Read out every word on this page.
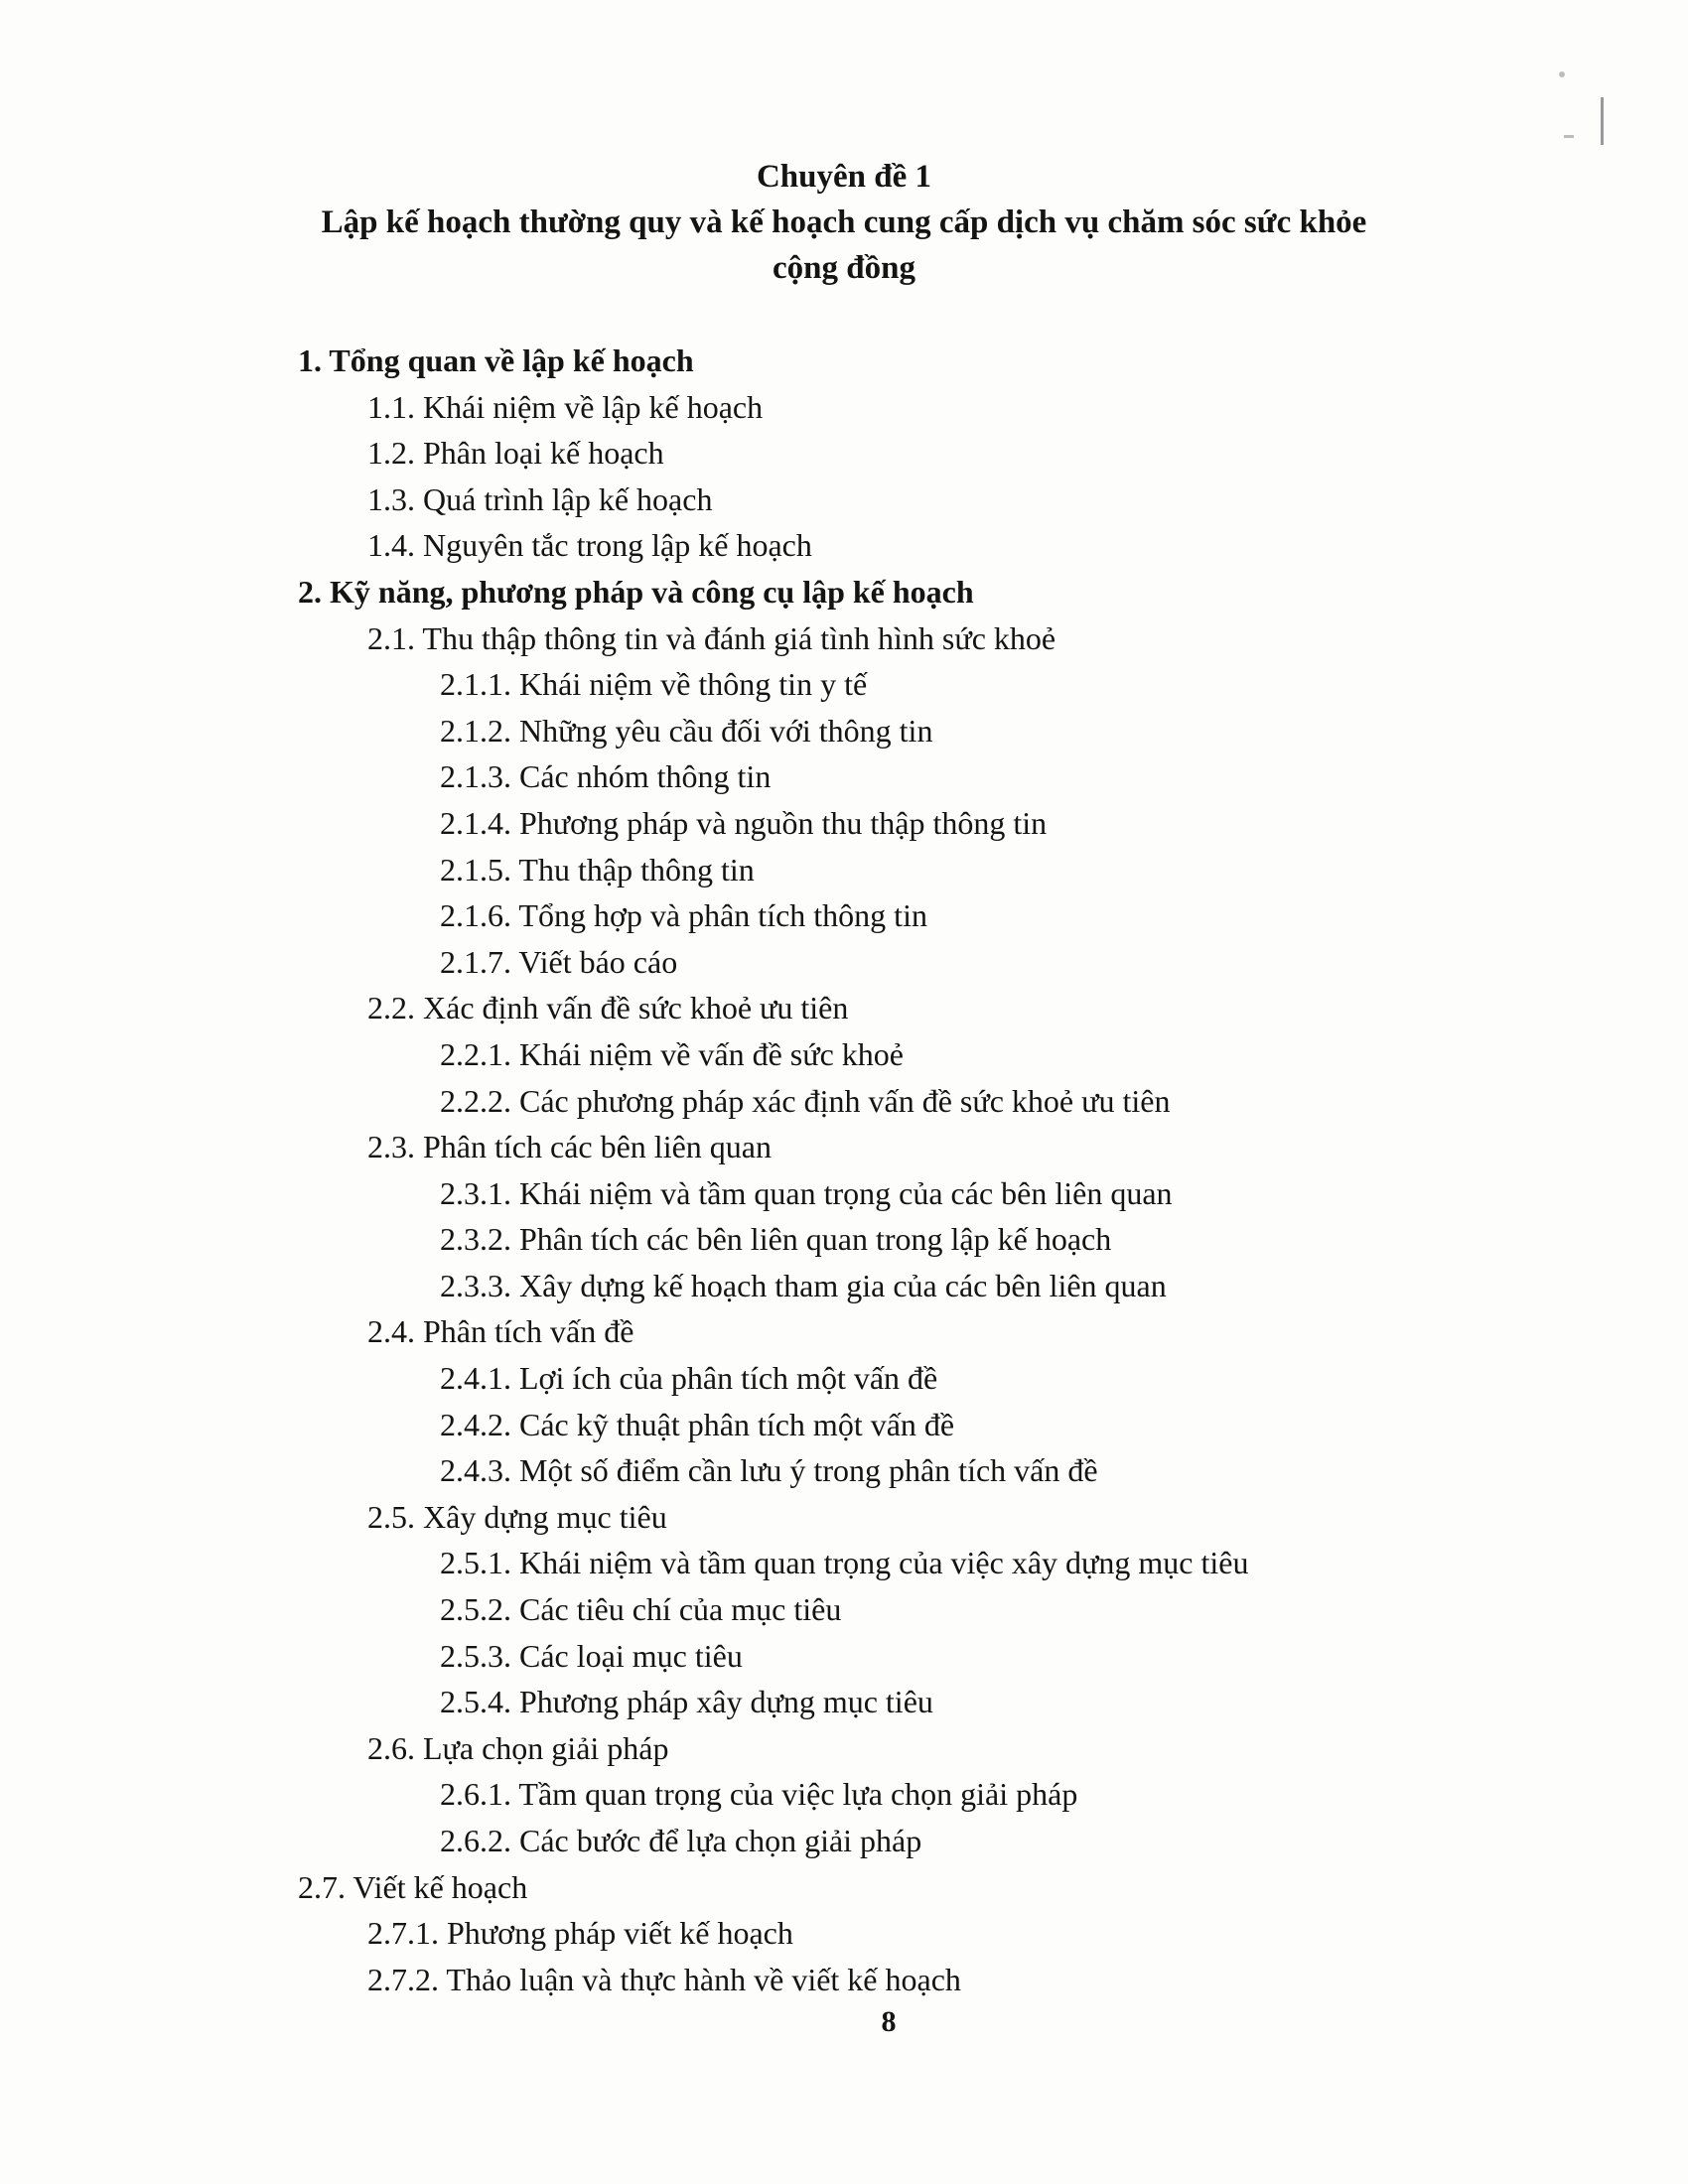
Chuyên đề 1
Lập kế hoạch thường quy và kế hoạch cung cấp dịch vụ chăm sóc sức khỏe
cộng đồng
1. Tổng quan về lập kế hoạch
1.1. Khái niệm về lập kế hoạch
1.2. Phân loại kế hoạch
1.3. Quá trình lập kế hoạch
1.4. Nguyên tắc trong lập kế hoạch
2. Kỹ năng, phương pháp và công cụ lập kế hoạch
2.1. Thu thập thông tin và đánh giá tình hình sức khoẻ
2.1.1. Khái niệm về thông tin y tế
2.1.2. Những yêu cầu đối với thông tin
2.1.3. Các nhóm thông tin
2.1.4. Phương pháp và nguồn thu thập thông tin
2.1.5. Thu thập thông tin
2.1.6. Tổng hợp và phân tích thông tin
2.1.7. Viết báo cáo
2.2. Xác định vấn đề sức khoẻ ưu tiên
2.2.1. Khái niệm về vấn đề sức khoẻ
2.2.2. Các phương pháp xác định vấn đề sức khoẻ ưu tiên
2.3. Phân tích các bên liên quan
2.3.1. Khái niệm và tầm quan trọng của các bên liên quan
2.3.2. Phân tích các bên liên quan trong lập kế hoạch
2.3.3. Xây dựng kế hoạch tham gia của các bên liên quan
2.4. Phân tích vấn đề
2.4.1. Lợi ích của phân tích một vấn đề
2.4.2. Các kỹ thuật phân tích một vấn đề
2.4.3. Một số điểm cần lưu ý trong phân tích vấn đề
2.5. Xây dựng mục tiêu
2.5.1. Khái niệm và tầm quan trọng của việc xây dựng mục tiêu
2.5.2. Các tiêu chí của mục tiêu
2.5.3. Các loại mục tiêu
2.5.4. Phương pháp xây dựng mục tiêu
2.6. Lựa chọn giải pháp
2.6.1. Tầm quan trọng của việc lựa chọn giải pháp
2.6.2. Các bước để lựa chọn giải pháp
2.7. Viết kế hoạch
2.7.1. Phương pháp viết kế hoạch
2.7.2. Thảo luận và thực hành về viết kế hoạch
8
